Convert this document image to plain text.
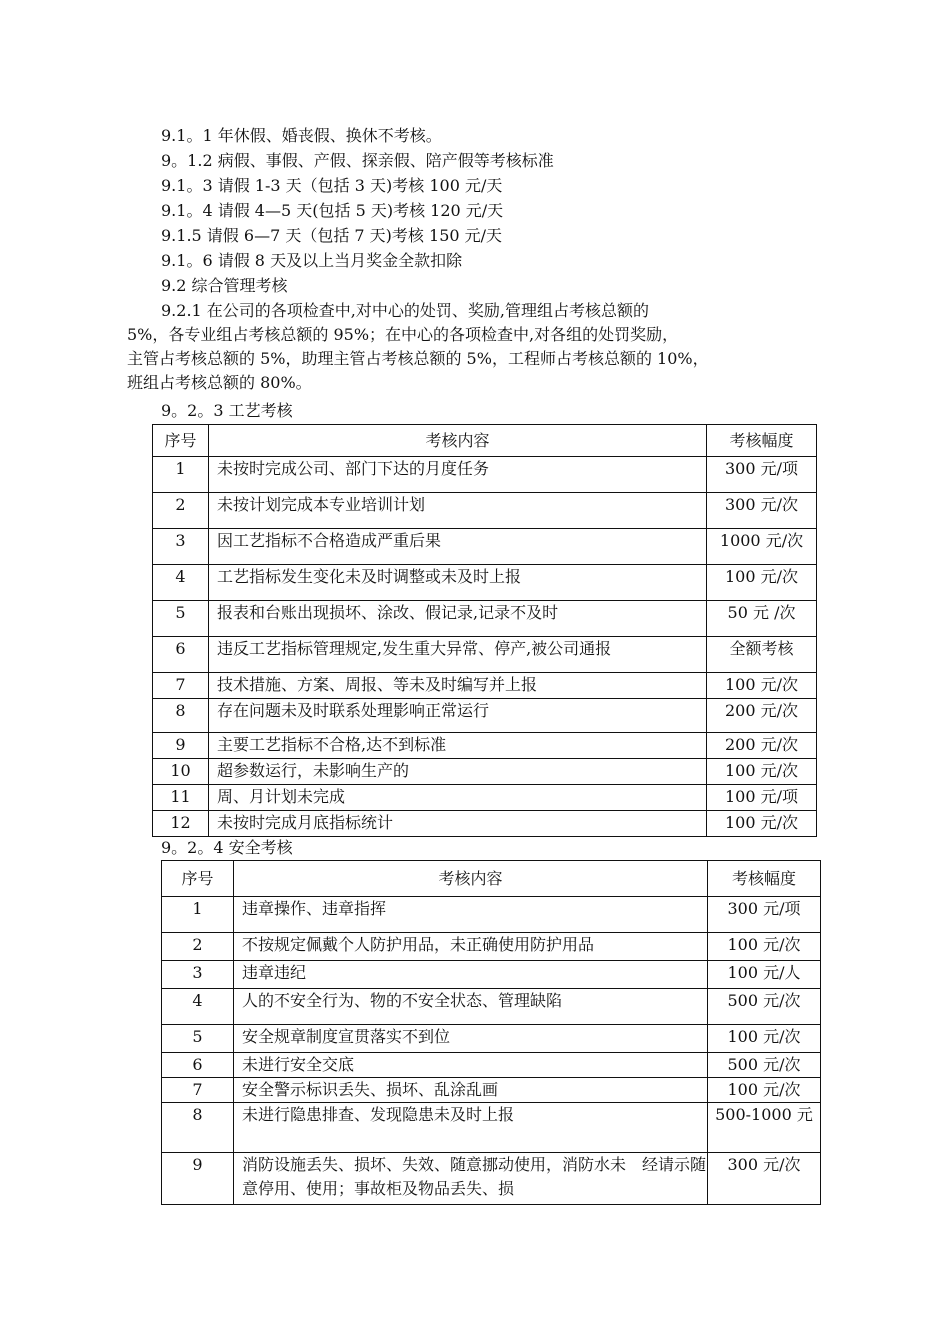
9.1。1 年休假、婚丧假、换休不考核。
9。1.2 病假、事假、产假、探亲假、陪产假等考核标准
9.1。3 请假 1-3 天（包括 3 天)考核 100 元/天
9.1。4 请假 4—5 天(包括 5 天)考核 120 元/天
9.1.5 请假 6—7 天（包括 7 天)考核 150 元/天
9.1。6 请假 8 天及以上当月奖金全款扣除
9.2 综合管理考核
9.2.1 在公司的各项检查中,对中心的处罚、奖励,管理组占考核总额的
5%，各专业组占考核总额的 95%；在中心的各项检查中,对各组的处罚奖励，
主管占考核总额的 5%，助理主管占考核总额的 5%，工程师占考核总额的 10%，
班组占考核总额的 80%。
9。2。3 工艺考核
序号	考核内容	考核幅度
1	未按时完成公司、部门下达的月度任务	300 元/项
2	未按计划完成本专业培训计划	300 元/次
3	因工艺指标不合格造成严重后果	1000 元/次
4	工艺指标发生变化未及时调整或未及时上报	100 元/次
5	报表和台账出现损坏、涂改、假记录,记录不及时	50 元 /次
6	违反工艺指标管理规定,发生重大异常、停产,被公司通报	全额考核
7	技术措施、方案、周报、等未及时编写并上报	100 元/次
8	存在问题未及时联系处理影响正常运行	200 元/次
9	主要工艺指标不合格,达不到标准	200 元/次
10	超参数运行，未影响生产的	100 元/次
11	周、月计划未完成	100 元/项
12	未按时完成月底指标统计	100 元/次
9。2。4 安全考核
序号	考核内容	考核幅度
1	违章操作、违章指挥	300 元/项
2	不按规定佩戴个人防护用品，未正确使用防护用品	100 元/次
3	违章违纪	100 元/人
4	人的不安全行为、物的不安全状态、管理缺陷	500 元/次
5	安全规章制度宣贯落实不到位	100 元/次
6	未进行安全交底	500 元/次
7	安全警示标识丢失、损坏、乱涂乱画	100 元/次
8	未进行隐患排查、发现隐患未及时上报	500-1000 元
9	消防设施丢失、损坏、失效、随意挪动使用，消防水未　经请示随意停用、使用；事故柜及物品丢失、损	300 元/次
